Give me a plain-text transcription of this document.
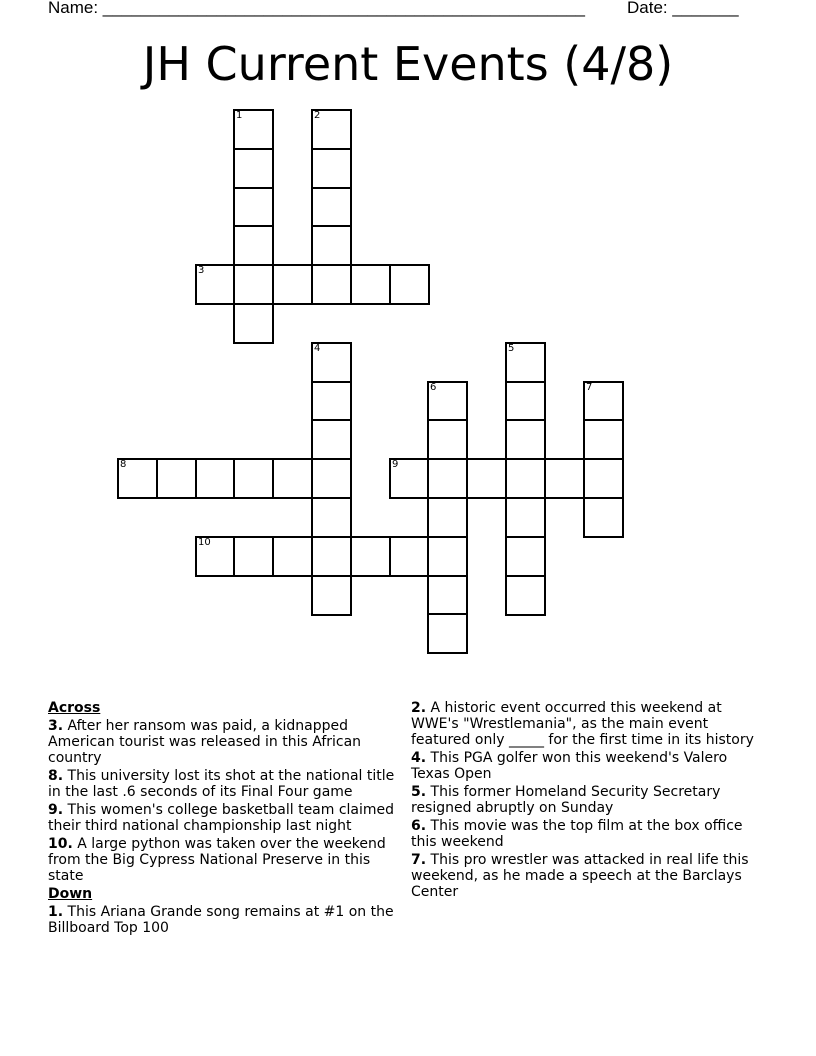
Name: ___________________________________________________ Date: _______
JH Current Events (4/8)
1	2
3
4	5
6	7
8	9
10

Across

3. After her ransom was paid, a kidnapped American tourist was released in this African country

8. This university lost its shot at the national title in the last .6 seconds of its Final Four game

9. This women's college basketball team claimed their third national championship last night

10. A large python was taken over the weekend from the Big Cypress National Preserve in this state

Down

1. This Ariana Grande song remains at #1 on the Billboard Top 100

2. A historic event occurred this weekend at WWE's "Wrestlemania", as the main event featured only _____ for the first time in its history

4. This PGA golfer won this weekend's Valero Texas Open

5. This former Homeland Security Secretary resigned abruptly on Sunday

6. This movie was the top film at the box office this weekend

7. This pro wrestler was attacked in real life this weekend, as he made a speech at the Barclays Center
